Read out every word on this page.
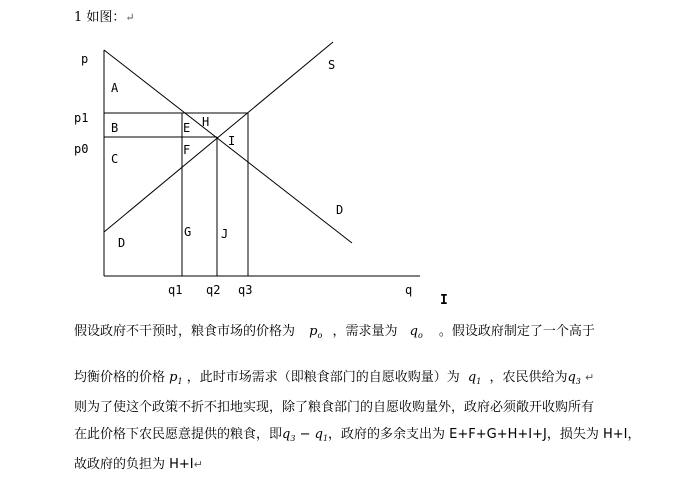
1 如图：↵
p
p1
p0
A
B
C
D
E
F
H
I
G J
S
D
q1 q2 q3	q
I
假设政府不干预时，粮食市场的价格为 $p_o$ ，需求量为 $q_o$ 。假设政府制定了一个高于
均衡价格的价格 $p_1$ ，此时市场需求（即粮食部门的自愿收购量）为 $q_1$ ，农民供给为$q_3$ ↵
则为了使这个政策不折不扣地实现，除了粮食部门的自愿收购量外，政府必须敞开收购所有
在此价格下农民愿意提供的粮食，即$q_3 - q_1$，政府的多余支出为 E+F+G+H+I+J，损失为 H+I，
故政府的负担为 H+I↵
